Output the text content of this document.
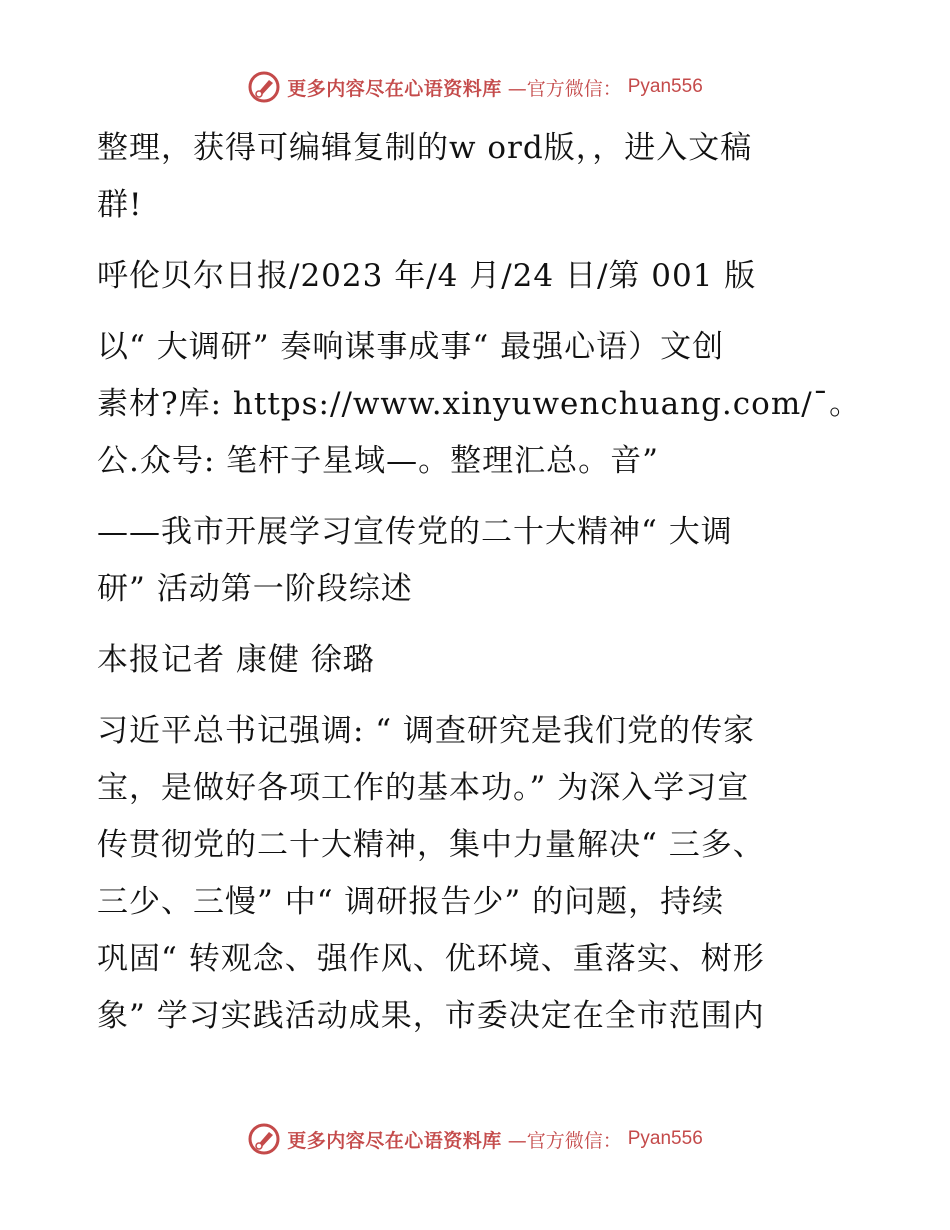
更多内容尽在心语资料库 —官方微信： Pyan556

整理，获得可编辑复制的w ord版，，进入文稿
群!

呼伦贝尔日报/2023 年/4 月/24 日/第 001 版

以“ 大调研” 奏响谋事成事“ 最强心语）文创
素材?库: https://www.xinyuwenchuang.com/¯。
公.众号: 笔杆子星域—。整理汇总。音”

——我市开展学习宣传党的二十大精神“ 大调
研” 活动第一阶段综述

本报记者 康健 徐璐

习近平总书记强调: “ 调查研究是我们党的传家
宝，是做好各项工作的基本功。” 为深入学习宣
传贯彻党的二十大精神，集中力量解决“ 三多、
三少、三慢” 中“ 调研报告少” 的问题，持续
巩固“ 转观念、强作风、优环境、重落实、树形
象” 学习实践活动成果，市委决定在全市范围内

更多内容尽在心语资料库 —官方微信： Pyan556
